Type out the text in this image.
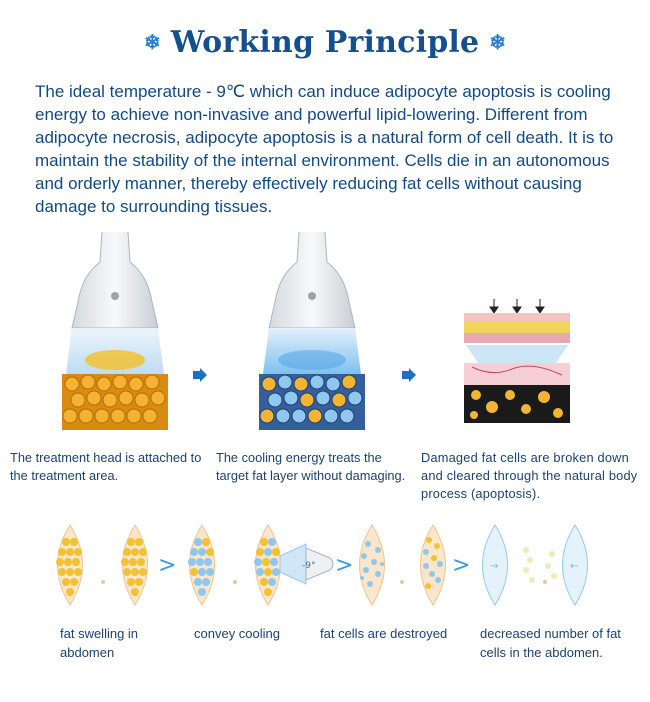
❄ Working Principle ❄

The ideal temperature - 9℃ which can induce adipocyte apoptosis is cooling energy to achieve non-invasive and powerful lipid-lowering. Different from adipocyte necrosis, adipocyte apoptosis is a natural form of cell death. It is to maintain the stability of the internal environment. Cells die in an autonomous and orderly manner, thereby effectively reducing fat cells without causing damage to surrounding tissues.

The treatment head is attached to the treatment area.

The cooling energy treats the target fat layer without damaging.

Damaged fat cells are broken down and cleared through the natural body process (apoptosis).

>	-9° >	> →	←

fat swelling in abdomen

convey cooling	fat cells are destroyed	decreased number of fat cells in the abdomen.
